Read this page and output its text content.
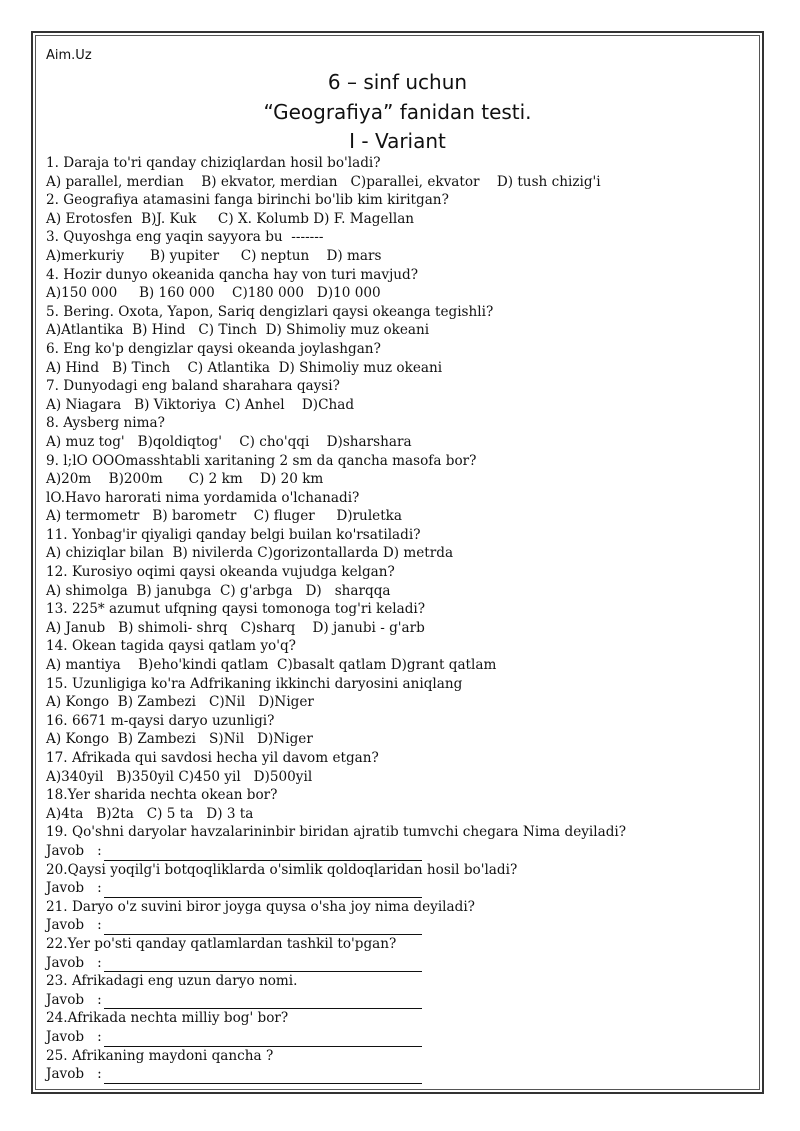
Aim.Uz
6 – sinf uchun
“Geografiya” fanidan testi.
I - Variant
1. Daraja to'ri qanday chiziqlardan hosil bo'ladi?
A) parallel, merdian    B) ekvator, merdian   C)parallei, ekvator    D) tush chizig'i
2. Geografiya atamasini fanga birinchi bo'lib kim kiritgan?
A) Erotosfen  B)J. Kuk     C) X. Kolumb D) F. Magellan
3. Quyoshga eng yaqin sayyora bu  -------
A)merkuriy      B) yupiter     C) neptun    D) mars
4. Hozir dunyo okeanida qancha hay von turi mavjud?
A)150 000     B) 160 000    C)180 000   D)10 000
5. Bering. Oxota, Yapon, Sariq dengizlari qaysi okeanga tegishli?
A)Atlantika  B) Hind   C) Tinch  D) Shimoliy muz okeani
6. Eng ko'p dengizlar qaysi okeanda joylashgan?
A) Hind   B) Tinch    C) Atlantika  D) Shimoliy muz okeani
7. Dunyodagi eng baland sharahara qaysi?
A) Niagara   B) Viktoriya  C) Anhel    D)Chad
8. Aysberg nima?
A) muz tog'   B)qoldiqtog'    C) cho'qqi    D)sharshara
9. l;lO OOOmasshtabli xaritaning 2 sm da qancha masofa bor?
A)20m    B)200m      C) 2 km    D) 20 km
lO.Havo harorati nima yordamida o'lchanadi?
A) termometr   B) barometr    C) fluger     D)ruletka
11. Yonbag'ir qiyaligi qanday belgi builan ko'rsatiladi?
A) chiziqlar bilan  B) nivilerda C)gorizontallarda D) metrda
12. Kurosiyo oqimi qaysi okeanda vujudga kelgan?
A) shimolga  B) janubga  C) g'arbga   D)   sharqqa
13. 225* azumut ufqning qaysi tomonoga tog'ri keladi?
A) Janub   B) shimoli- shrq   C)sharq    D) janubi - g'arb
14. Okean tagida qaysi qatlam yo'q?
A) mantiya    B)eho'kindi qatlam  C)basalt qatlam D)grant qatlam
15. Uzunligiga ko'ra Adfrikaning ikkinchi daryosini aniqlang
A) Kongo  B) Zambezi   C)Nil   D)Niger
16. 6671 m-qaysi daryo uzunligi?
A) Kongo  B) Zambezi   S)Nil   D)Niger
17. Afrikada qui savdosi hecha yil davom etgan?
A)340yil   B)350yil C)450 yil   D)500yil
18.Yer sharida nechta okean bor?
A)4ta   B)2ta   C) 5 ta   D) 3 ta
19. Qo'shni daryolar havzalarininbir biridan ajratib tumvchi chegara Nima deyiladi?
Javob   :
20.Qaysi yoqilg'i botqoqliklarda o'simlik qoldoqlaridan hosil bo'ladi?
Javob   :
21. Daryo o'z suvini biror joyga quysa o'sha joy nima deyiladi?
Javob   :
22.Yer po'sti qanday qatlamlardan tashkil to'pgan?
Javob   :
23. Afrikadagi eng uzun daryo nomi.
Javob   :
24.Afrikada nechta milliy bog' bor?
Javob   :
25. Afrikaning maydoni qancha ?
Javob   :
